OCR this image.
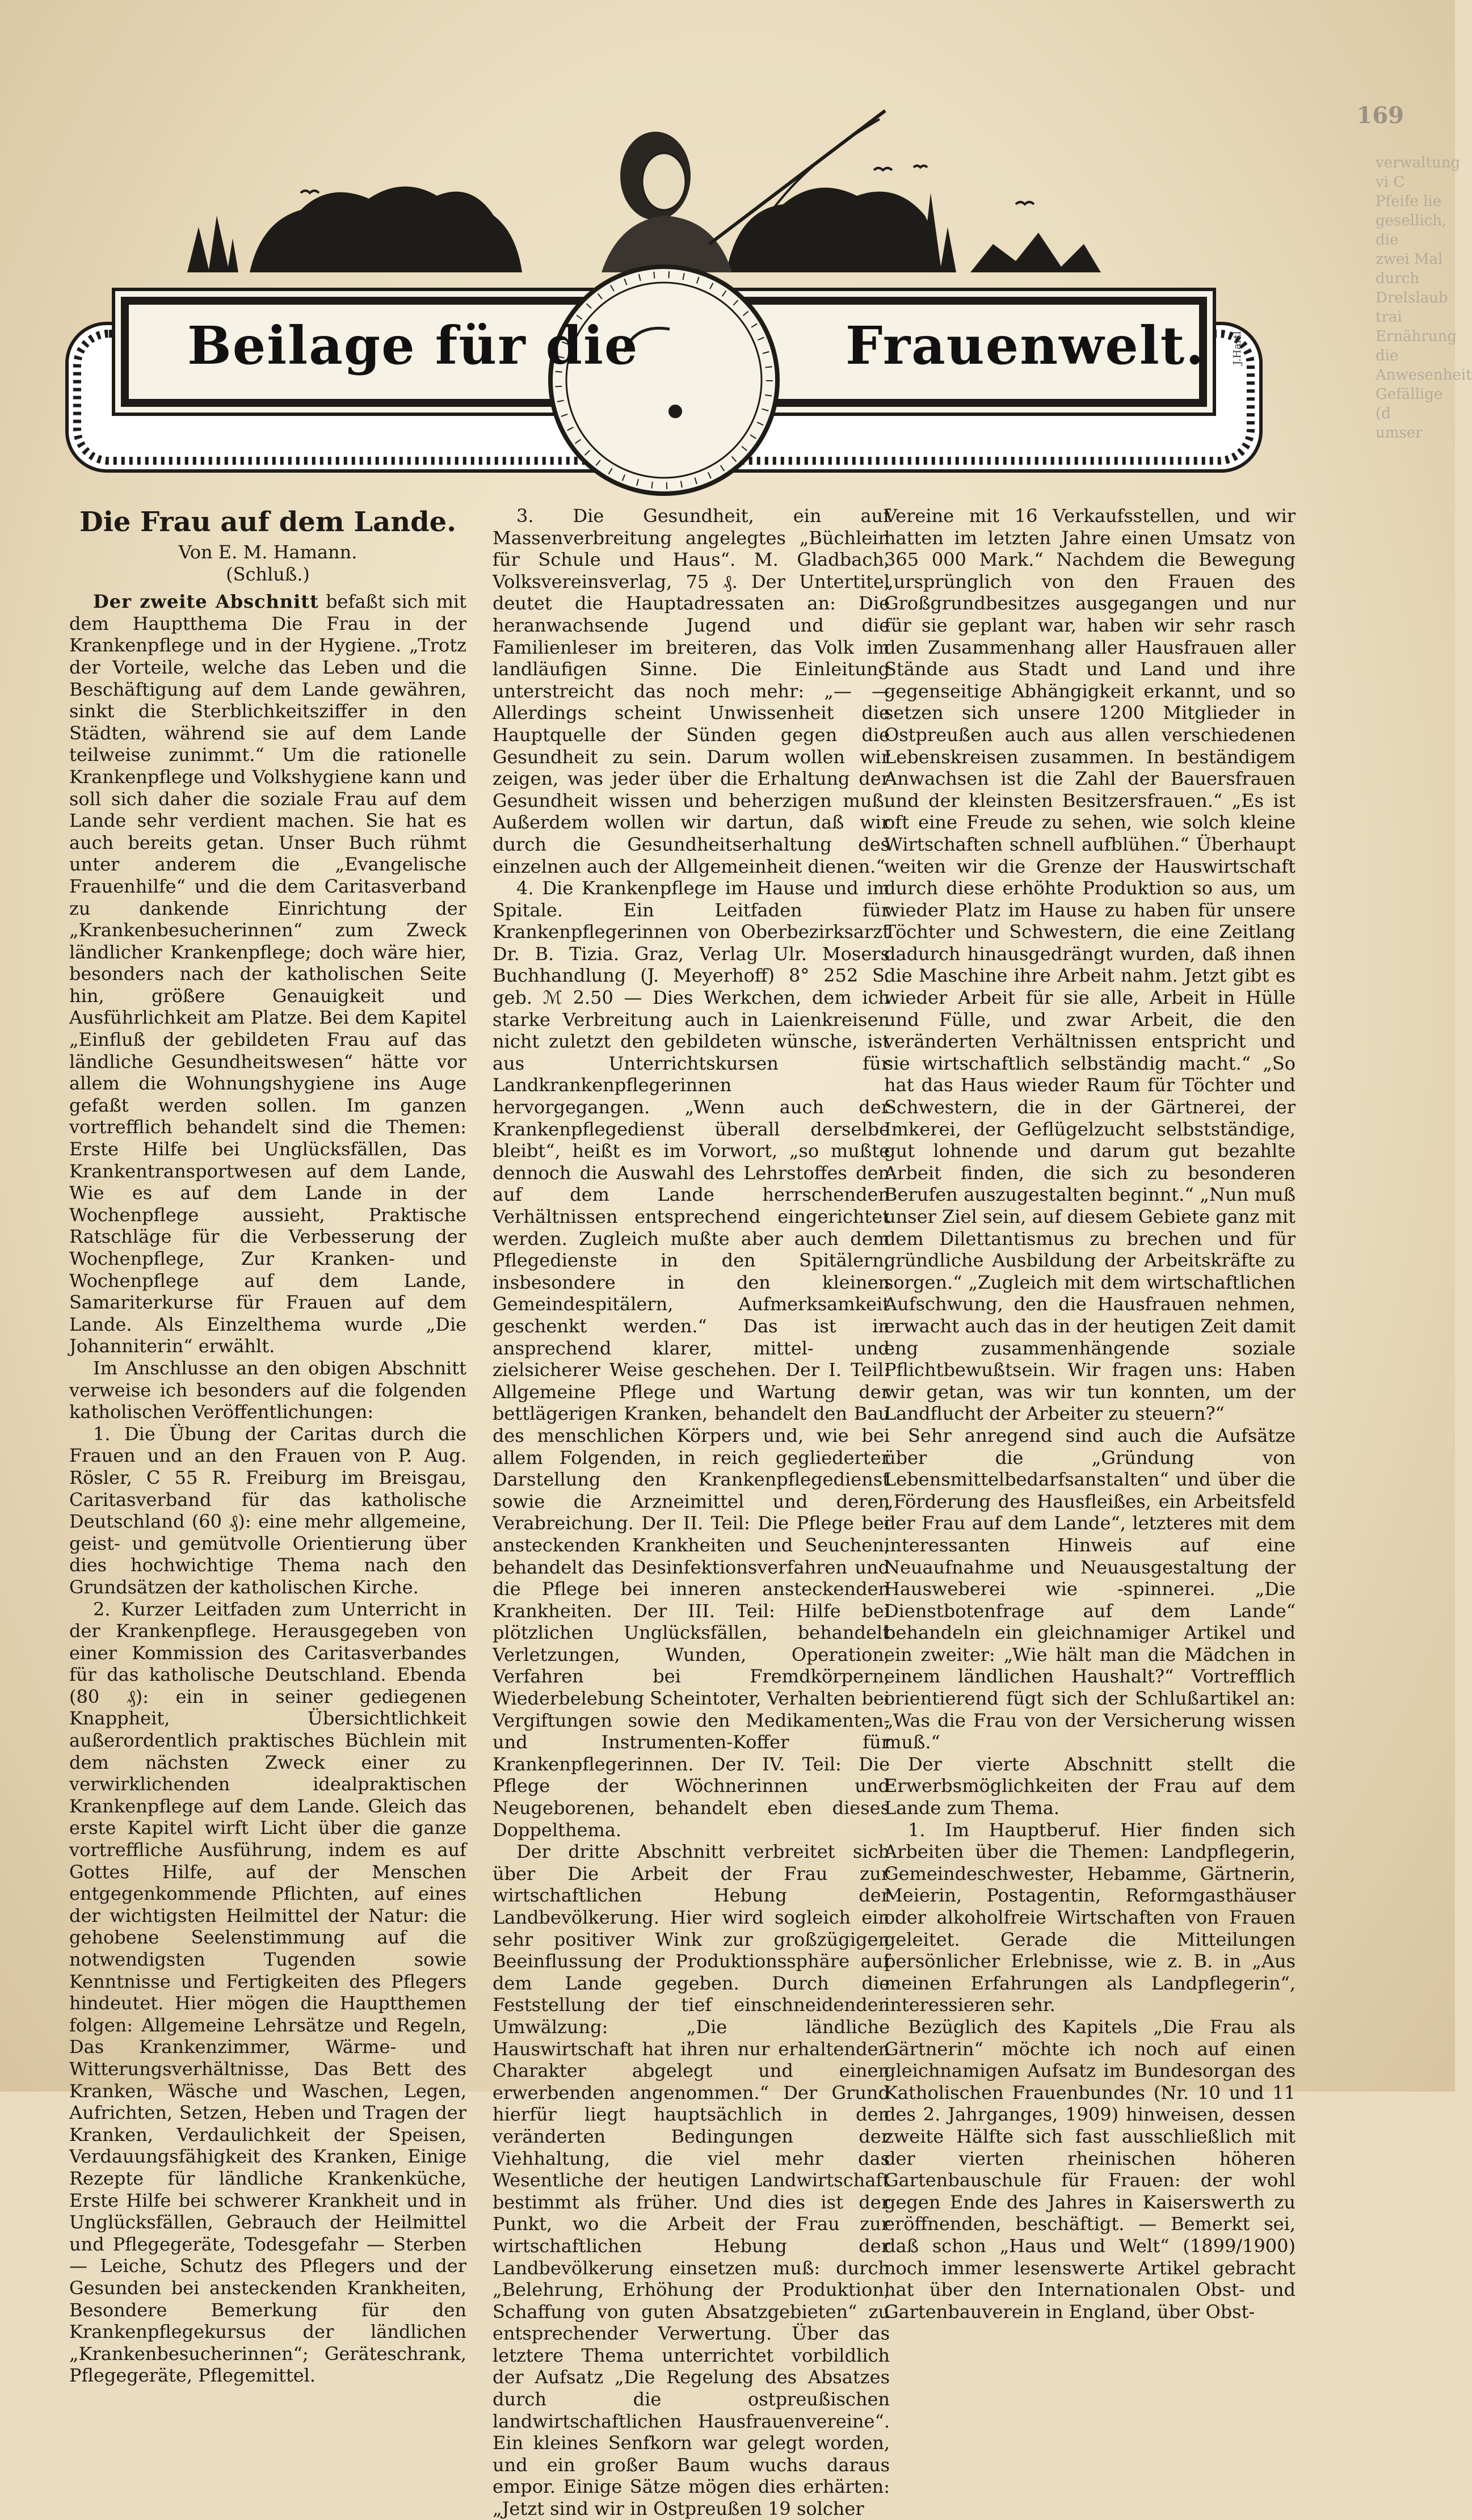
169
verwaltung vi C
Pfeife lie
gesellich, die
zwei Mal durch
Drelslaub trai
Ernährung die
Anwesenheit
Gefällige (d
umser
Beilage für die	Frauenwelt.	J.Hartl.
Die Frau auf dem Lande.
Von E. M. Hamann.
(Schluß.)

Der zweite Abschnitt befaßt sich mit dem Hauptthema Die Frau in der Krankenpflege und in der Hygiene. „Trotz der Vorteile, welche das Leben und die Beschäftigung auf dem Lande gewähren, sinkt die Sterblichkeitsziffer in den Städten, während sie auf dem Lande teilweise zunimmt.“ Um die rationelle Krankenpflege und Volkshygiene kann und soll sich daher die soziale Frau auf dem Lande sehr verdient machen. Sie hat es auch bereits getan. Unser Buch rühmt unter anderem die „Evangelische Frauenhilfe“ und die dem Caritasverband zu dankende Einrichtung der „Krankenbesucherinnen“ zum Zweck ländlicher Krankenpflege; doch wäre hier, besonders nach der katholischen Seite hin, größere Genauigkeit und Ausführlichkeit am Platze. Bei dem Kapitel „Einfluß der gebildeten Frau auf das ländliche Gesundheitswesen“ hätte vor allem die Wohnungshygiene ins Auge gefaßt werden sollen. Im ganzen vortrefflich behandelt sind die Themen: Erste Hilfe bei Unglücksfällen, Das Krankentransportwesen auf dem Lande, Wie es auf dem Lande in der Wochenpflege aussieht, Praktische Ratschläge für die Verbesserung der Wochenpflege, Zur Kranken- und Wochenpflege auf dem Lande, Samariterkurse für Frauen auf dem Lande. Als Einzelthema wurde „Die Johanniterin“ erwählt.

Im Anschlusse an den obigen Abschnitt verweise ich besonders auf die folgenden katholischen Veröffentlichungen:

1. Die Übung der Caritas durch die Frauen und an den Frauen von P. Aug. Rösler, C 55 R. Freiburg im Breisgau, Caritasverband für das katholische Deutschland (60 ₰): eine mehr allgemeine, geist- und gemütvolle Orientierung über dies hochwichtige Thema nach den Grundsätzen der katholischen Kirche.

2. Kurzer Leitfaden zum Unterricht in der Krankenpflege. Herausgegeben von einer Kommission des Caritasverbandes für das katholische Deutschland. Ebenda (80 ₰): ein in seiner gediegenen Knappheit, Übersichtlichkeit außerordentlich praktisches Büchlein mit dem nächsten Zweck einer zu verwirklichenden idealpraktischen Krankenpflege auf dem Lande. Gleich das erste Kapitel wirft Licht über die ganze vortreffliche Ausführung, indem es auf Gottes Hilfe, auf der Menschen entgegenkommende Pflichten, auf eines der wichtigsten Heilmittel der Natur: die gehobene Seelenstimmung auf die notwendigsten Tugenden sowie Kenntnisse und Fertigkeiten des Pflegers hindeutet. Hier mögen die Hauptthemen folgen: Allgemeine Lehrsätze und Regeln, Das Krankenzimmer, Wärme- und Witterungsverhältnisse, Das Bett des Kranken, Wäsche und Waschen, Legen, Aufrichten, Setzen, Heben und Tragen der Kranken, Verdaulichkeit der Speisen, Verdauungsfähigkeit des Kranken, Einige Rezepte für ländliche Krankenküche, Erste Hilfe bei schwerer Krankheit und in Unglücksfällen, Gebrauch der Heilmittel und Pflegegeräte, Todesgefahr — Sterben — Leiche, Schutz des Pflegers und der Gesunden bei ansteckenden Krankheiten, Besondere Bemerkung für den Krankenpflegekursus der ländlichen „Krankenbesucherinnen“; Geräteschrank, Pflegegeräte, Pflegemittel.

3. Die Gesundheit, ein auf Massenverbreitung angelegtes „Büchlein für Schule und Haus“. M. Gladbach, Volksvereinsverlag, 75 ₰. Der Untertitel deutet die Hauptadressaten an: Die heranwachsende Jugend und die Familienleser im breiteren, das Volk im landläufigen Sinne. Die Einleitung unterstreicht das noch mehr: „— — Allerdings scheint Unwissenheit die Hauptquelle der Sünden gegen die Gesundheit zu sein. Darum wollen wir zeigen, was jeder über die Erhaltung der Gesundheit wissen und beherzigen muß. Außerdem wollen wir dartun, daß wir durch die Gesundheitserhaltung des einzelnen auch der Allgemeinheit dienen.“

4. Die Krankenpflege im Hause und im Spitale. Ein Leitfaden für Krankenpflegerinnen von Oberbezirksarzt Dr. B. Tizia. Graz, Verlag Ulr. Mosers Buchhandlung (J. Meyerhoff) 8° 252 S. geb. ℳ 2.50 — Dies Werkchen, dem ich starke Verbreitung auch in Laienkreisen nicht zuletzt den gebildeten wünsche, ist aus Unterrichtskursen für Landkrankenpflegerinnen hervorgegangen. „Wenn auch der Krankenpflegedienst überall derselbe bleibt“, heißt es im Vorwort, „so mußte dennoch die Auswahl des Lehrstoffes den auf dem Lande herrschenden Verhältnissen entsprechend eingerichtet werden. Zugleich mußte aber auch dem Pflegedienste in den Spitälern, insbesondere in den kleinen Gemeindespitälern, Aufmerksamkeit geschenkt werden.“ Das ist in ansprechend klarer, mittel- und zielsicherer Weise geschehen. Der I. Teil: Allgemeine Pflege und Wartung der bettlägerigen Kranken, behandelt den Bau des menschlichen Körpers und, wie bei allem Folgenden, in reich gegliederter Darstellung den Krankenpflegedienst sowie die Arzneimittel und deren Verabreichung. Der II. Teil: Die Pflege bei ansteckenden Krankheiten und Seuchen, behandelt das Desinfektionsverfahren und die Pflege bei inneren ansteckenden Krankheiten. Der III. Teil: Hilfe bei plötzlichen Unglücksfällen, behandelt Verletzungen, Wunden, Operation, Verfahren bei Fremdkörpern, Wiederbelebung Scheintoter, Verhalten bei Vergiftungen sowie den Medikamenten- und Instrumenten-Koffer für Krankenpflegerinnen. Der IV. Teil: Die Pflege der Wöchnerinnen und Neugeborenen, behandelt eben dieses Doppelthema.

Der dritte Abschnitt verbreitet sich über Die Arbeit der Frau zur wirtschaftlichen Hebung der Landbevölkerung. Hier wird sogleich ein sehr positiver Wink zur großzügigen Beeinflussung der Produktionssphäre auf dem Lande gegeben. Durch die Feststellung der tief einschneidenden Umwälzung: „Die ländliche Hauswirtschaft hat ihren nur erhaltenden Charakter abgelegt und einen erwerbenden angenommen.“ Der Grund hierfür liegt hauptsächlich in den veränderten Bedingungen der Viehhaltung, die viel mehr das Wesentliche der heutigen Landwirtschaft bestimmt als früher. Und dies ist der Punkt, wo die Arbeit der Frau zur wirtschaftlichen Hebung der Landbevölkerung einsetzen muß: durch „Belehrung, Erhöhung der Produktion, Schaffung von guten Absatzgebieten“ zu entsprechender Verwertung. Über das letztere Thema unterrichtet vorbildlich der Aufsatz „Die Regelung des Absatzes durch die ostpreußischen landwirtschaftlichen Hausfrauenvereine“. Ein kleines Senfkorn war gelegt worden, und ein großer Baum wuchs daraus empor. Einige Sätze mögen dies erhärten: „Jetzt sind wir in Ostpreußen 19 solcher

Vereine mit 16 Verkaufsstellen, und wir hatten im letzten Jahre einen Umsatz von 365 000 Mark.“ Nachdem die Bewegung „ursprünglich von den Frauen des Großgrundbesitzes ausgegangen und nur für sie geplant war, haben wir sehr rasch den Zusammenhang aller Hausfrauen aller Stände aus Stadt und Land und ihre gegenseitige Abhängigkeit erkannt, und so setzen sich unsere 1200 Mitglieder in Ostpreußen auch aus allen verschiedenen Lebenskreisen zusammen. In beständigem Anwachsen ist die Zahl der Bauersfrauen und der kleinsten Besitzersfrauen.“ „Es ist oft eine Freude zu sehen, wie solch kleine Wirtschaften schnell aufblühen.“ Überhaupt weiten wir die Grenze der Hauswirtschaft durch diese erhöhte Produktion so aus, um wieder Platz im Hause zu haben für unsere Töchter und Schwestern, die eine Zeitlang dadurch hinausgedrängt wurden, daß ihnen die Maschine ihre Arbeit nahm. Jetzt gibt es wieder Arbeit für sie alle, Arbeit in Hülle und Fülle, und zwar Arbeit, die den veränderten Verhältnissen entspricht und sie wirtschaftlich selbständig macht.“ „So hat das Haus wieder Raum für Töchter und Schwestern, die in der Gärtnerei, der Imkerei, der Geflügelzucht selbstständige, gut lohnende und darum gut bezahlte Arbeit finden, die sich zu besonderen Berufen auszugestalten beginnt.“ „Nun muß unser Ziel sein, auf diesem Gebiete ganz mit dem Dilettantismus zu brechen und für gründliche Ausbildung der Arbeitskräfte zu sorgen.“ „Zugleich mit dem wirtschaftlichen Aufschwung, den die Hausfrauen nehmen, erwacht auch das in der heutigen Zeit damit eng zusammenhängende soziale Pflichtbewußtsein. Wir fragen uns: Haben wir getan, was wir tun konnten, um der Landflucht der Arbeiter zu steuern?“

Sehr anregend sind auch die Aufsätze über die „Gründung von Lebensmittelbedarfsanstalten“ und über die „Förderung des Hausfleißes, ein Arbeitsfeld der Frau auf dem Lande“, letzteres mit dem interessanten Hinweis auf eine Neuaufnahme und Neuausgestaltung der Hausweberei wie -spinnerei. „Die Dienstbotenfrage auf dem Lande“ behandeln ein gleichnamiger Artikel und ein zweiter: „Wie hält man die Mädchen in einem ländlichen Haushalt?“ Vortrefflich orientierend fügt sich der Schlußartikel an: „Was die Frau von der Versicherung wissen muß.“

Der vierte Abschnitt stellt die Erwerbsmöglichkeiten der Frau auf dem Lande zum Thema.

1. Im Hauptberuf. Hier finden sich Arbeiten über die Themen: Landpflegerin, Gemeindeschwester, Hebamme, Gärtnerin, Meierin, Postagentin, Reformgasthäuser oder alkoholfreie Wirtschaften von Frauen geleitet. Gerade die Mitteilungen persönlicher Erlebnisse, wie z. B. in „Aus meinen Erfahrungen als Landpflegerin“, interessieren sehr.

Bezüglich des Kapitels „Die Frau als Gärtnerin“ möchte ich noch auf einen gleichnamigen Aufsatz im Bundesorgan des Katholischen Frauenbundes (Nr. 10 und 11 des 2. Jahrganges, 1909) hinweisen, dessen zweite Hälfte sich fast ausschließlich mit der vierten rheinischen höheren Gartenbauschule für Frauen: der wohl gegen Ende des Jahres in Kaiserswerth zu eröffnenden, beschäftigt. — Bemerkt sei, daß schon „Haus und Welt“ (1899/1900) noch immer lesenswerte Artikel gebracht hat über den Internationalen Obst- und Gartenbauverein in England, über Obst-
